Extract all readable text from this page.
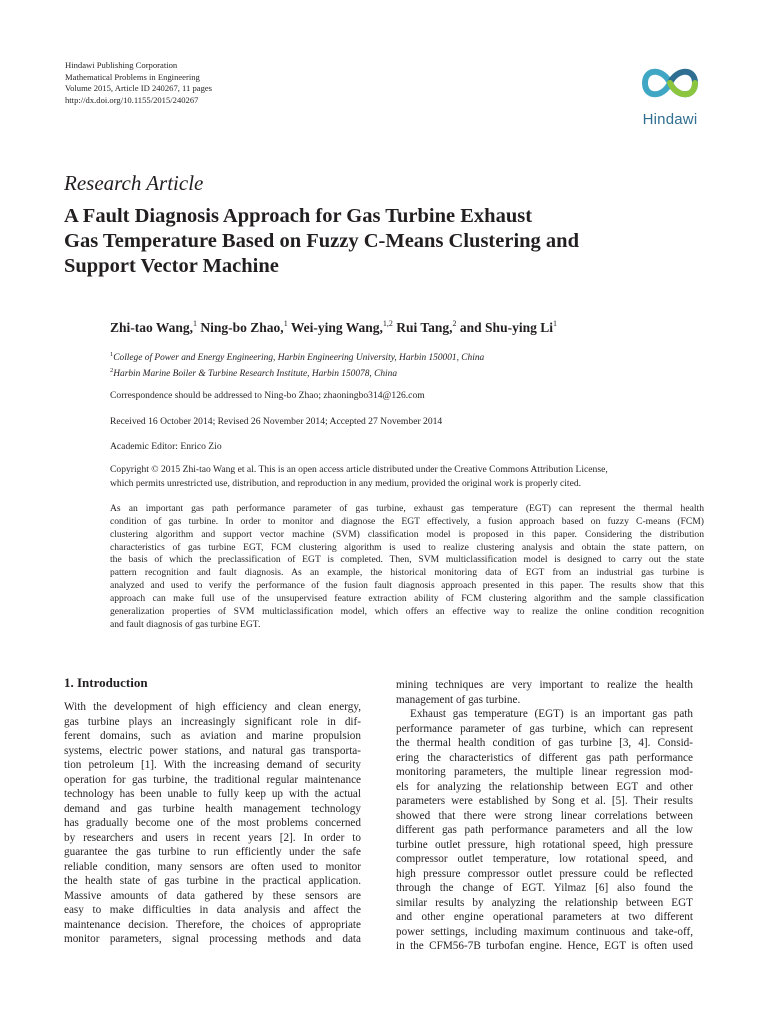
Hindawi Publishing Corporation
Mathematical Problems in Engineering
Volume 2015, Article ID 240267, 11 pages
http://dx.doi.org/10.1155/2015/240267
Hindawi
Research Article
A Fault Diagnosis Approach for Gas Turbine Exhaust
Gas Temperature Based on Fuzzy C-Means Clustering and
Support Vector Machine
Zhi-tao Wang,$^1$ Ning-bo Zhao,$^1$ Wei-ying Wang,$^{1,2}$ Rui Tang,$^2$ and Shu-ying Li$^1$
$^1$College of Power and Energy Engineering, Harbin Engineering University, Harbin 150001, China
$^2$Harbin Marine Boiler & Turbine Research Institute, Harbin 150078, China
Correspondence should be addressed to Ning-bo Zhao; zhaoningbo314@126.com
Received 16 October 2014; Revised 26 November 2014; Accepted 27 November 2014
Academic Editor: Enrico Zio
Copyright © 2015 Zhi-tao Wang et al. This is an open access article distributed under the Creative Commons Attribution License,
which permits unrestricted use, distribution, and reproduction in any medium, provided the original work is properly cited.
As an important gas path performance parameter of gas turbine, exhaust gas temperature (EGT) can represent the thermal health
condition of gas turbine. In order to monitor and diagnose the EGT effectively, a fusion approach based on fuzzy C-means (FCM)
clustering algorithm and support vector machine (SVM) classification model is proposed in this paper. Considering the distribution
characteristics of gas turbine EGT, FCM clustering algorithm is used to realize clustering analysis and obtain the state pattern, on
the basis of which the preclassification of EGT is completed. Then, SVM multiclassification model is designed to carry out the state
pattern recognition and fault diagnosis. As an example, the historical monitoring data of EGT from an industrial gas turbine is
analyzed and used to verify the performance of the fusion fault diagnosis approach presented in this paper. The results show that this
approach can make full use of the unsupervised feature extraction ability of FCM clustering algorithm and the sample classification
generalization properties of SVM multiclassification model, which offers an effective way to realize the online condition recognition
and fault diagnosis of gas turbine EGT.
1. Introduction
With the development of high efficiency and clean energy,
gas turbine plays an increasingly significant role in dif-
ferent domains, such as aviation and marine propulsion
systems, electric power stations, and natural gas transporta-
tion petroleum [1]. With the increasing demand of security
operation for gas turbine, the traditional regular maintenance
technology has been unable to fully keep up with the actual
demand and gas turbine health management technology
has gradually become one of the most problems concerned
by researchers and users in recent years [2]. In order to
guarantee the gas turbine to run efficiently under the safe
reliable condition, many sensors are often used to monitor
the health state of gas turbine in the practical application.
Massive amounts of data gathered by these sensors are
easy to make difficulties in data analysis and affect the
maintenance decision. Therefore, the choices of appropriate
monitor parameters, signal processing methods and data
mining techniques are very important to realize the health
management of gas turbine.
Exhaust gas temperature (EGT) is an important gas path
performance parameter of gas turbine, which can represent
the thermal health condition of gas turbine [3, 4]. Consid-
ering the characteristics of different gas path performance
monitoring parameters, the multiple linear regression mod-
els for analyzing the relationship between EGT and other
parameters were established by Song et al. [5]. Their results
showed that there were strong linear correlations between
different gas path performance parameters and all the low
turbine outlet pressure, high rotational speed, high pressure
compressor outlet temperature, low rotational speed, and
high pressure compressor outlet pressure could be reflected
through the change of EGT. Yilmaz [6] also found the
similar results by analyzing the relationship between EGT
and other engine operational parameters at two different
power settings, including maximum continuous and take-off,
in the CFM56-7B turbofan engine. Hence, EGT is often used
